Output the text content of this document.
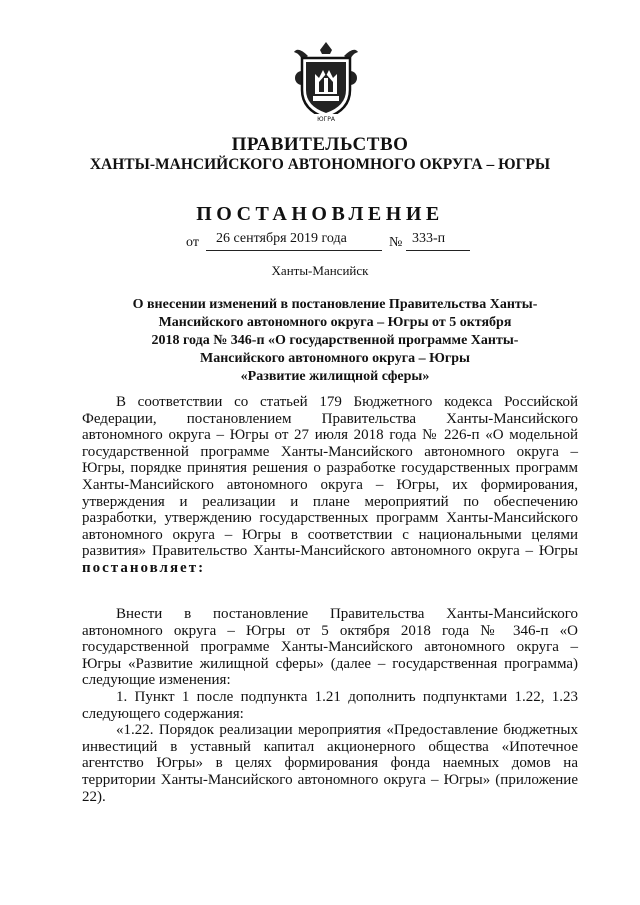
ЮГРА
ПРАВИТЕЛЬСТВО
ХАНТЫ-МАНСИЙСКОГО АВТОНОМНОГО ОКРУГА – ЮГРЫ
ПОСТАНОВЛЕНИЕ
от 26 сентября 2019 года	№ 333-п
Ханты-Мансийск
О внесении изменений в постановление Правительства Ханты-
Мансийского автономного округа – Югры от 5 октября
2018 года № 346-п «О государственной программе Ханты-
Мансийского автономного округа – Югры
«Развитие жилищной сферы»

В соответствии со статьей 179 Бюджетного кодекса Российской Федерации, постановлением Правительства Ханты-Мансийского автономного округа – Югры от 27 июля 2018 года № 226-п «О модельной государственной программе Ханты-Мансийского автономного округа – Югры, порядке принятия решения о разработке государственных программ Ханты-Мансийского автономного округа – Югры, их формирования, утверждения и реализации и плане мероприятий по обеспечению разработки, утверждению государственных программ Ханты-Мансийского автономного округа – Югры в соответствии с национальными целями развития» Правительство Ханты-Мансийского автономного округа – Югры постановляет:

Внести в постановление Правительства Ханты-Мансийского автономного округа – Югры от 5 октября 2018 года № 346-п «О государственной программе Ханты-Мансийского автономного округа – Югры «Развитие жилищной сферы» (далее – государственная программа) следующие изменения:

1. Пункт 1 после подпункта 1.21 дополнить подпунктами 1.22, 1.23 следующего содержания:

«1.22. Порядок реализации мероприятия «Предоставление бюджетных инвестиций в уставный капитал акционерного общества «Ипотечное агентство Югры» в целях формирования фонда наемных домов на территории Ханты-Мансийского автономного округа – Югры» (приложение 22).
